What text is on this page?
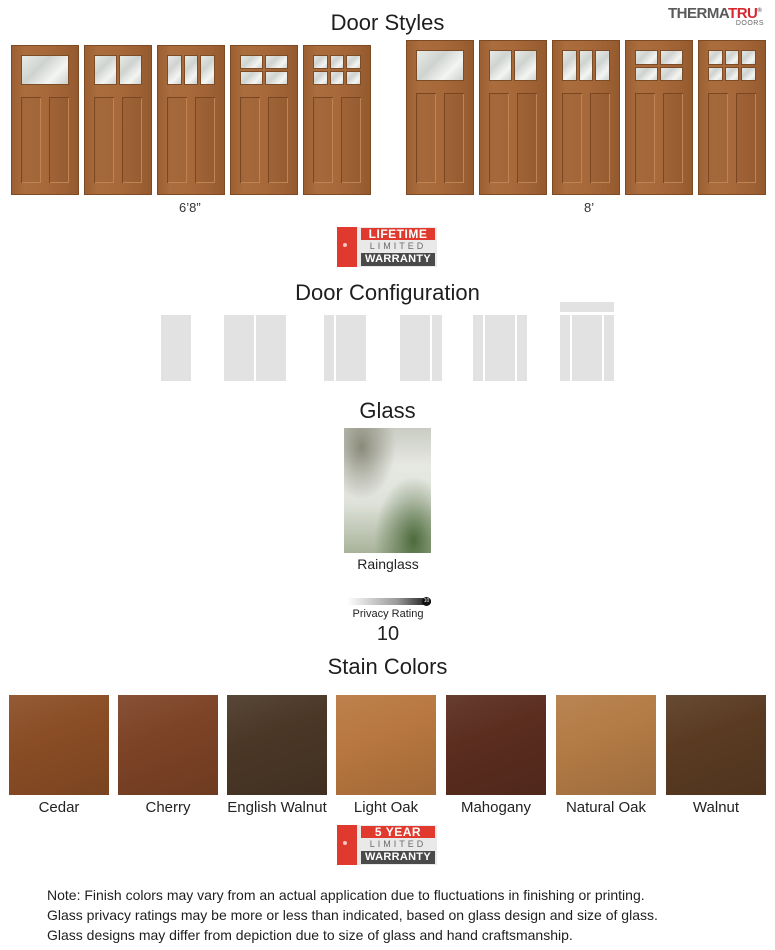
THERMATRU®
DOORS
Door Styles
6’8”	8’
LIFETIME
LIMITED
WARRANTY
Door Configuration
Glass
Rainglass
10
Privacy Rating
10
Stain Colors
Cedar	Cherry	English Walnut	Light Oak	Mahogany	Natural Oak	Walnut
5 YEAR
LIMITED
WARRANTY
Note: Finish colors may vary from an actual application due to fluctuations in finishing or printing.
Glass privacy ratings may be more or less than indicated, based on glass design and size of glass.
Glass designs may differ from depiction due to size of glass and hand craftsmanship.
